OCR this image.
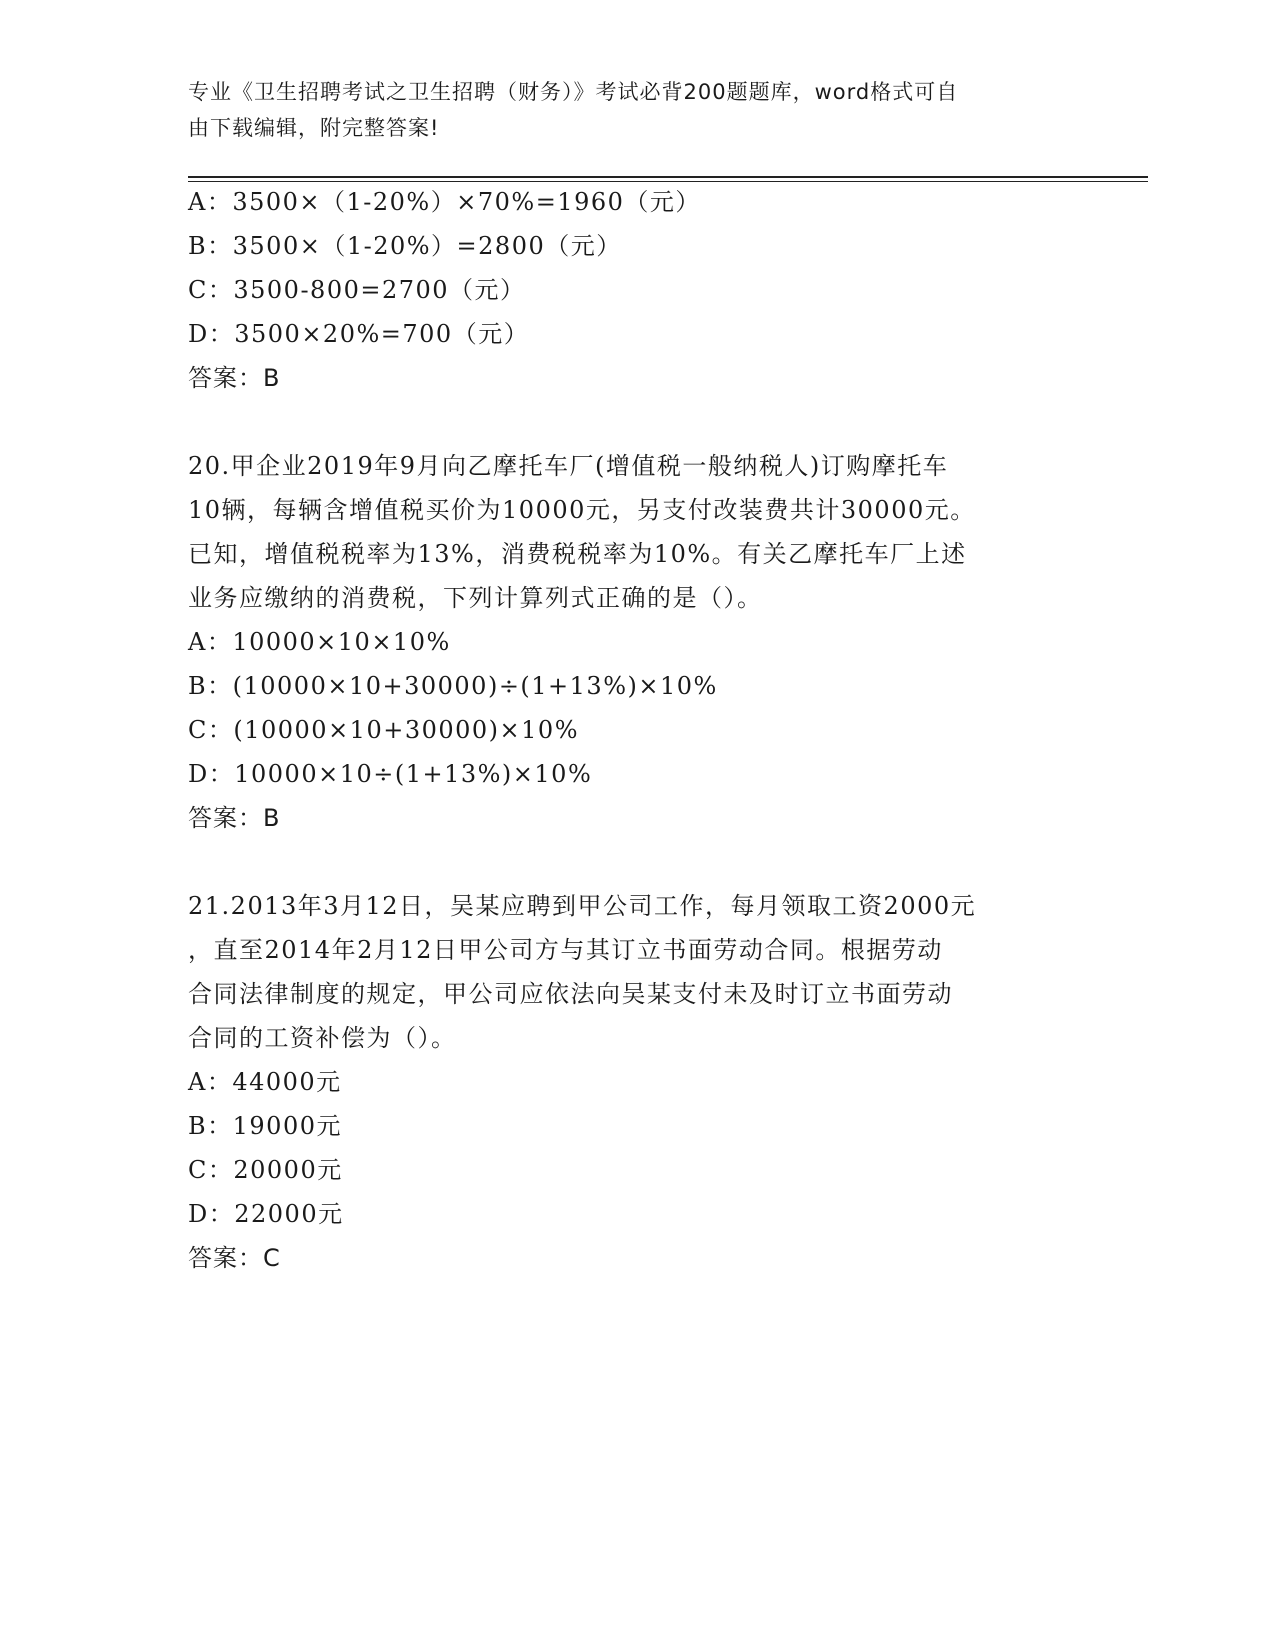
专业《卫生招聘考试之卫生招聘（财务）》考试必背200题题库，word格式可自
由下载编辑，附完整答案!
A：3500×（1-20%）×70%=1960（元）
B：3500×（1-20%）=2800（元）
C：3500-800=2700（元）
D：3500×20%=700（元）
答案：B
20.甲企业2019年9月向乙摩托车厂(增值税一般纳税人)订购摩托车
10辆，每辆含增值税买价为10000元，另支付改装费共计30000元。
已知，增值税税率为13%，消费税税率为10%。有关乙摩托车厂上述
业务应缴纳的消费税，下列计算列式正确的是（）。
A：10000×10×10%
B：(10000×10+30000)÷(1+13%)×10%
C：(10000×10+30000)×10%
D：10000×10÷(1+13%)×10%
答案：B
21.2013年3月12日，吴某应聘到甲公司工作，每月领取工资2000元
，直至2014年2月12日甲公司方与其订立书面劳动合同。根据劳动
合同法律制度的规定，甲公司应依法向吴某支付未及时订立书面劳动
合同的工资补偿为（）。
A：44000元
B：19000元
C：20000元
D：22000元
答案：C
